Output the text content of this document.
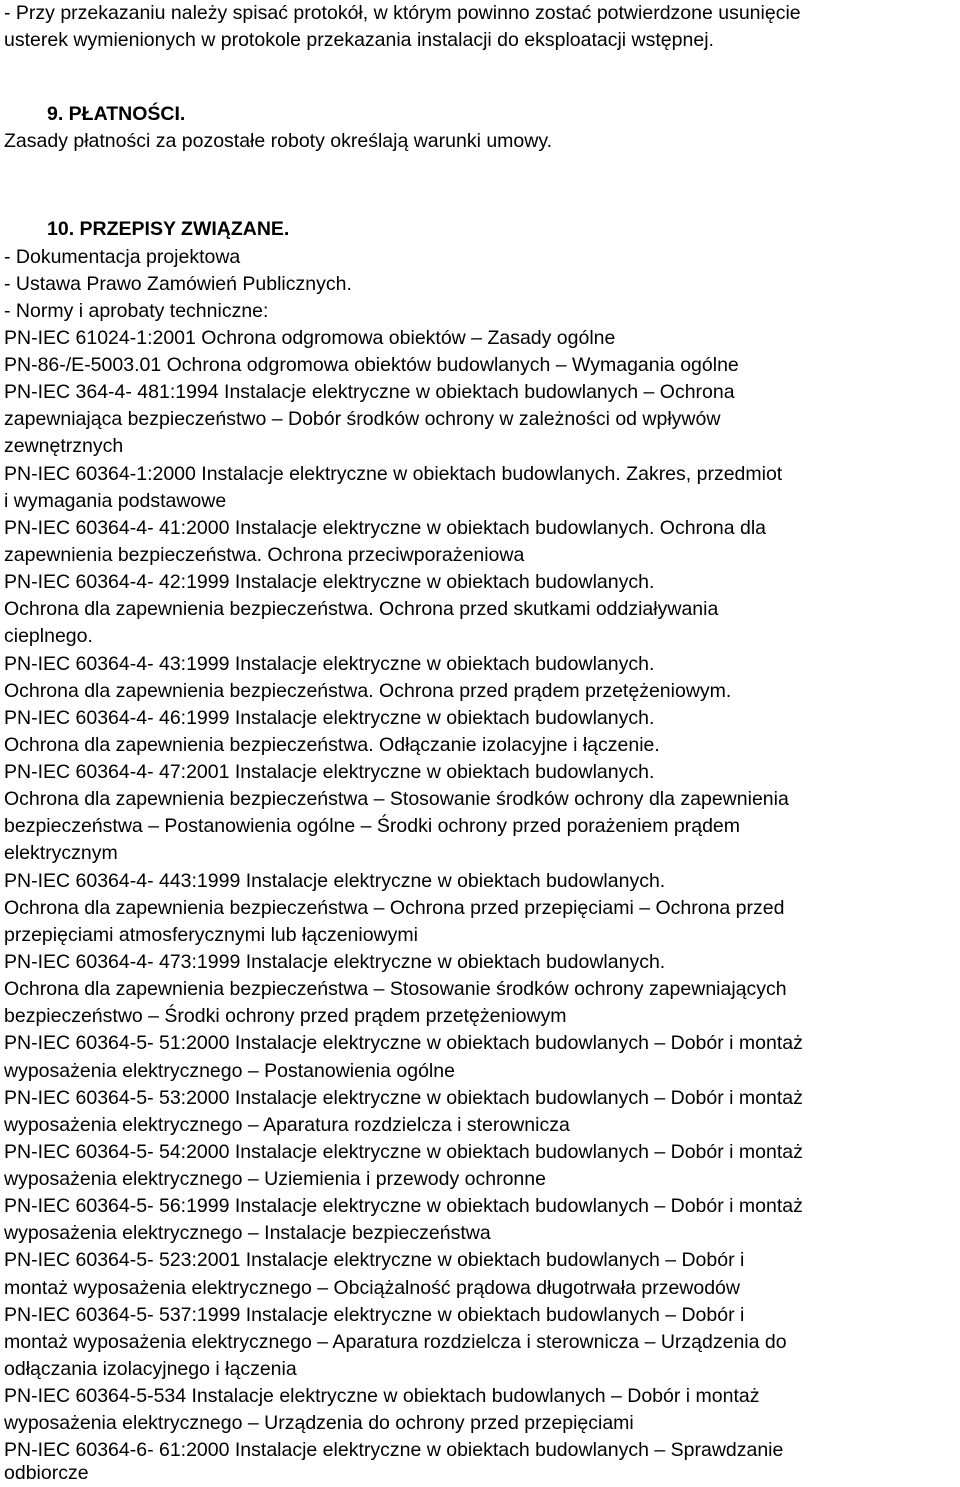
- Przy przekazaniu należy spisać protokół, w którym powinno zostać potwierdzone usunięcie
usterek wymienionych w protokole przekazania instalacji do eksploatacji wstępnej.
9. PŁATNOŚCI.
Zasady płatności za pozostałe roboty określają warunki umowy.
10. PRZEPISY ZWIĄZANE.
- Dokumentacja projektowa
- Ustawa Prawo Zamówień Publicznych.
- Normy i aprobaty techniczne:
PN-IEC 61024-1:2001 Ochrona odgromowa obiektów – Zasady ogólne
PN-86-/E-5003.01 Ochrona odgromowa obiektów budowlanych – Wymagania ogólne
PN-IEC 364-4- 481:1994 Instalacje elektryczne w obiektach budowlanych – Ochrona
zapewniająca bezpieczeństwo – Dobór środków ochrony w zależności od wpływów
zewnętrznych
PN-IEC 60364-1:2000 Instalacje elektryczne w obiektach budowlanych. Zakres, przedmiot
i wymagania podstawowe
PN-IEC 60364-4- 41:2000 Instalacje elektryczne w obiektach budowlanych. Ochrona dla
zapewnienia bezpieczeństwa. Ochrona przeciwporażeniowa
PN-IEC 60364-4- 42:1999 Instalacje elektryczne w obiektach budowlanych.
Ochrona dla zapewnienia bezpieczeństwa. Ochrona przed skutkami oddziaływania
cieplnego.
PN-IEC 60364-4- 43:1999 Instalacje elektryczne w obiektach budowlanych.
Ochrona dla zapewnienia bezpieczeństwa. Ochrona przed prądem przetężeniowym.
PN-IEC 60364-4- 46:1999 Instalacje elektryczne w obiektach budowlanych.
Ochrona dla zapewnienia bezpieczeństwa. Odłączanie izolacyjne i łączenie.
PN-IEC 60364-4- 47:2001 Instalacje elektryczne w obiektach budowlanych.
Ochrona dla zapewnienia bezpieczeństwa – Stosowanie środków ochrony dla zapewnienia
bezpieczeństwa – Postanowienia ogólne – Środki ochrony przed porażeniem prądem
elektrycznym
PN-IEC 60364-4- 443:1999 Instalacje elektryczne w obiektach budowlanych.
Ochrona dla zapewnienia bezpieczeństwa – Ochrona przed przepięciami – Ochrona przed
przepięciami atmosferycznymi lub łączeniowymi
PN-IEC 60364-4- 473:1999 Instalacje elektryczne w obiektach budowlanych.
Ochrona dla zapewnienia bezpieczeństwa – Stosowanie środków ochrony zapewniających
bezpieczeństwo – Środki ochrony przed prądem przetężeniowym
PN-IEC 60364-5- 51:2000 Instalacje elektryczne w obiektach budowlanych – Dobór i montaż
wyposażenia elektrycznego – Postanowienia ogólne
PN-IEC 60364-5- 53:2000 Instalacje elektryczne w obiektach budowlanych – Dobór i montaż
wyposażenia elektrycznego – Aparatura rozdzielcza i sterownicza
PN-IEC 60364-5- 54:2000 Instalacje elektryczne w obiektach budowlanych – Dobór i montaż
wyposażenia elektrycznego – Uziemienia i przewody ochronne
PN-IEC 60364-5- 56:1999 Instalacje elektryczne w obiektach budowlanych – Dobór i montaż
wyposażenia elektrycznego – Instalacje bezpieczeństwa
PN-IEC 60364-5- 523:2001 Instalacje elektryczne w obiektach budowlanych – Dobór i
montaż wyposażenia elektrycznego – Obciążalność prądowa długotrwała przewodów
PN-IEC 60364-5- 537:1999 Instalacje elektryczne w obiektach budowlanych – Dobór i
montaż wyposażenia elektrycznego – Aparatura rozdzielcza i sterownicza – Urządzenia do
odłączania izolacyjnego i łączenia
PN-IEC 60364-5-534 Instalacje elektryczne w obiektach budowlanych – Dobór i montaż
wyposażenia elektrycznego – Urządzenia do ochrony przed przepięciami
PN-IEC 60364-6- 61:2000 Instalacje elektryczne w obiektach budowlanych – Sprawdzanie
odbiorcze
